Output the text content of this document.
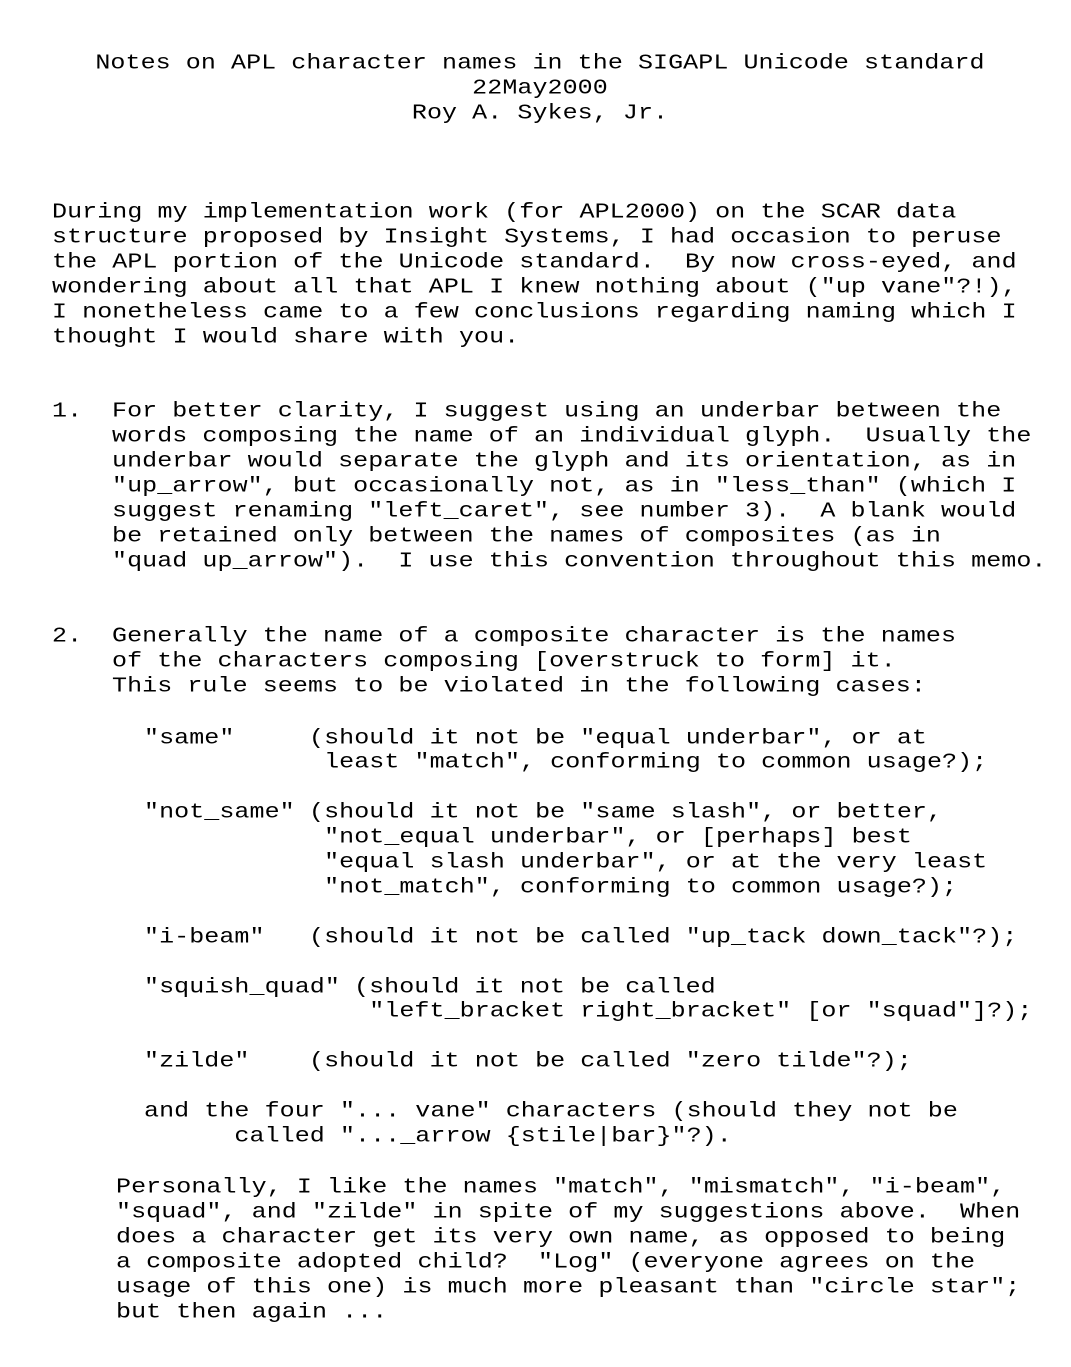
Notes on APL character names in the SIGAPL Unicode standard
22May2000
Roy A. Sykes, Jr.
During my implementation work (for APL2000) on the SCAR data
structure proposed by Insight Systems, I had occasion to peruse
the APL portion of the Unicode standard.  By now cross-eyed, and
wondering about all that APL I knew nothing about ("up vane"?!),
I nonetheless came to a few conclusions regarding naming which I
thought I would share with you.
1. For better clarity, I suggest using an underbar between the
words composing the name of an individual glyph.  Usually the
underbar would separate the glyph and its orientation, as in
"up_arrow", but occasionally not, as in "less_than" (which I
suggest renaming "left_caret", see number 3).  A blank would
be retained only between the names of composites (as in
"quad up_arrow").  I use this convention throughout this memo.
2. Generally the name of a composite character is the names
of the characters composing [overstruck to form] it.
This rule seems to be violated in the following cases:
"same"	(should it not be "equal underbar", or at
least "match", conforming to common usage?);
"not_same" (should it not be "same slash", or better,
"not_equal underbar", or [perhaps] best
"equal slash underbar", or at the very least
"not_match", conforming to common usage?);
"i-beam" (should it not be called "up_tack down_tack"?);
"squish_quad" (should it not be called
"left_bracket right_bracket" [or "squad"]?);
"zilde" (should it not be called "zero tilde"?);
and the four "... vane" characters (should they not be
called "..._arrow {stile|bar}"?).
Personally, I like the names "match", "mismatch", "i-beam",
"squad", and "zilde" in spite of my suggestions above.  When
does a character get its very own name, as opposed to being
a composite adopted child?  "Log" (everyone agrees on the
usage of this one) is much more pleasant than "circle star";
but then again ...
